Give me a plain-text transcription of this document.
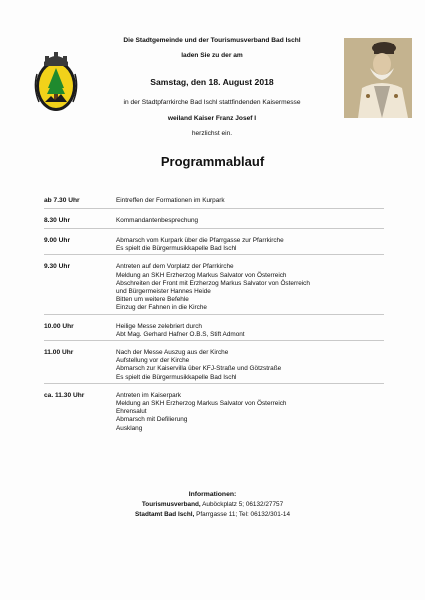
Die Stadtgemeinde und der Tourismusverband Bad Ischl
laden Sie zu der am
Samstag, den 18. August 2018
in der Stadtpfarrkirche Bad Ischl stattfindenden Kaisermesse
weiland Kaiser Franz Josef I
herzlichst ein.
Programmablauf
ab 7.30 Uhr	Eintreffen der Formationen im Kurpark
8.30 Uhr	Kommandantenbesprechung
9.00 Uhr	Abmarsch vom Kurpark über die Pfarrgasse zur Pfarrkirche
Es spielt die Bürgermusikkapelle Bad Ischl
9.30 Uhr	Antreten auf dem Vorplatz der Pfarrkirche
Meldung an SKH Erzherzog Markus Salvator von Österreich
Abschreiten der Front mit Erzherzog Markus Salvator von Österreich
und Bürgermeister Hannes Heide
Bitten um weitere Befehle
Einzug der Fahnen in die Kirche
10.00 Uhr	Heilige Messe zelebriert durch
Abt Mag. Gerhard Hafner O.B.S, Stift Admont
11.00 Uhr	Nach der Messe Auszug aus der Kirche
Aufstellung vor der Kirche
Abmarsch zur Kaiservilla über KFJ-Straße und Götzstraße
Es spielt die Bürgermusikkapelle Bad Ischl
ca. 11.30 Uhr	Antreten im Kaiserpark
Meldung an SKH Erzherzog Markus Salvator von Österreich
Ehrensalut
Abmarsch mit Defilierung
Ausklang
Informationen:
Tourismusverband, Auböckplatz 5; 06132/27757
Stadtamt Bad Ischl, Pfarrgasse 11; Tel: 06132/301-14
